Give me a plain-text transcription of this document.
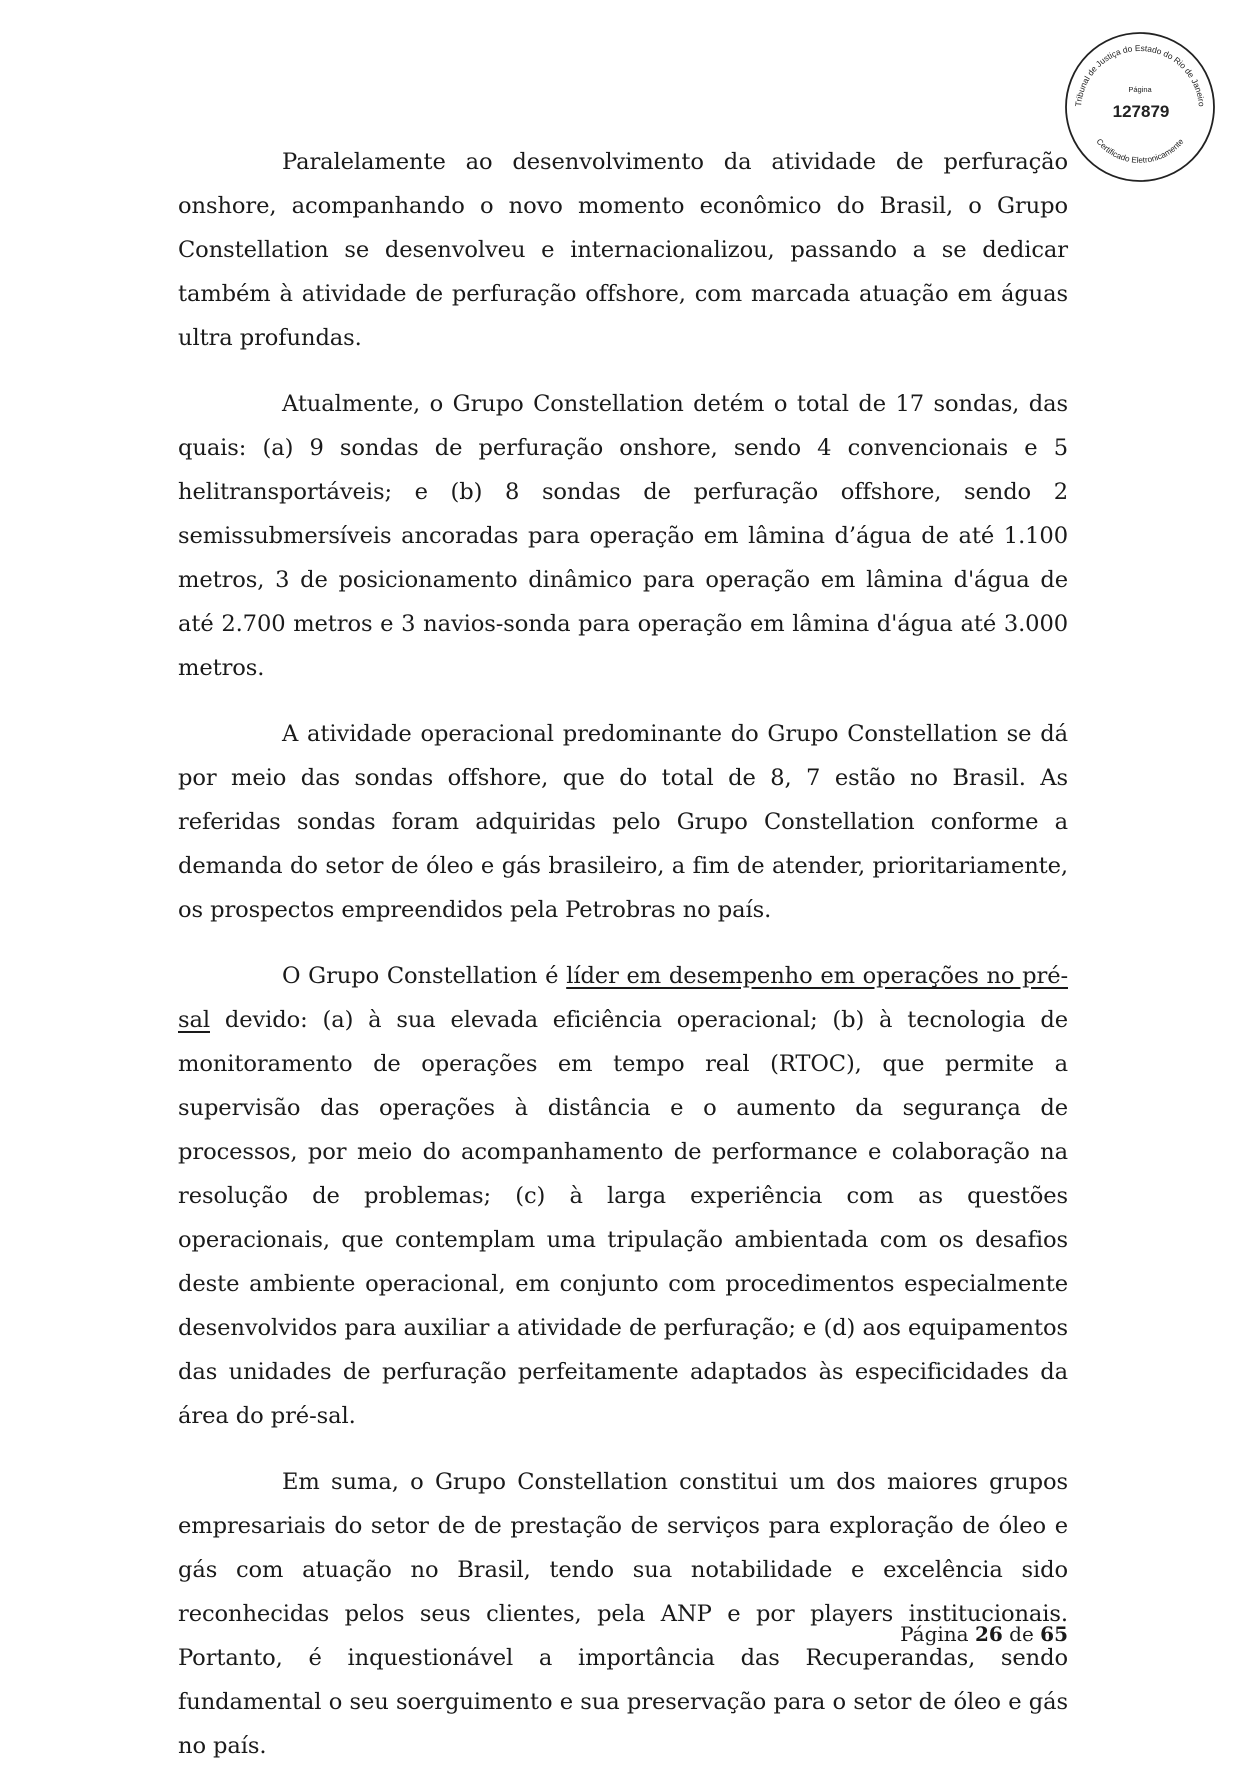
Tribunal de Justiça do Estado do Rio de Janeiro
Página
127879
Certificado Eletronicamente

Paralelamente ao desenvolvimento da atividade de perfuração onshore, acompanhando o novo momento econômico do Brasil, o Grupo Constellation se desenvolveu e internacionalizou, passando a se dedicar também à atividade de perfuração offshore, com marcada atuação em águas ultra profundas.

Atualmente, o Grupo Constellation detém o total de 17 sondas, das quais: (a) 9 sondas de perfuração onshore, sendo 4 convencionais e 5 helitransportáveis; e (b) 8 sondas de perfuração offshore, sendo 2 semissubmersíveis ancoradas para operação em lâmina d’água de até 1.100 metros, 3 de posicionamento dinâmico para operação em lâmina d'água de até 2.700 metros e 3 navios-sonda para operação em lâmina d'água até 3.000 metros.

A atividade operacional predominante do Grupo Constellation se dá por meio das sondas offshore, que do total de 8, 7 estão no Brasil. As referidas sondas foram adquiridas pelo Grupo Constellation conforme a demanda do setor de óleo e gás brasileiro, a fim de atender, prioritariamente, os prospectos empreendidos pela Petrobras no país.

O Grupo Constellation é líder em desempenho em operações no pré-sal devido: (a) à sua elevada eficiência operacional; (b) à tecnologia de monitoramento de operações em tempo real (RTOC), que permite a supervisão das operações à distância e o aumento da segurança de processos, por meio do acompanhamento de performance e colaboração na resolução de problemas; (c) à larga experiência com as questões operacionais, que contemplam uma tripulação ambientada com os desafios deste ambiente operacional, em conjunto com procedimentos especialmente desenvolvidos para auxiliar a atividade de perfuração; e (d) aos equipamentos das unidades de perfuração perfeitamente adaptados às especificidades da área do pré-sal.

Em suma, o Grupo Constellation constitui um dos maiores grupos empresariais do setor de de prestação de serviços para exploração de óleo e gás com atuação no Brasil, tendo sua notabilidade e excelência sido reconhecidas pelos seus clientes, pela ANP e por players institucionais. Portanto, é inquestionável a importância das Recuperandas, sendo fundamental o seu soerguimento e sua preservação para o setor de óleo e gás no país.

Página 26 de 65
